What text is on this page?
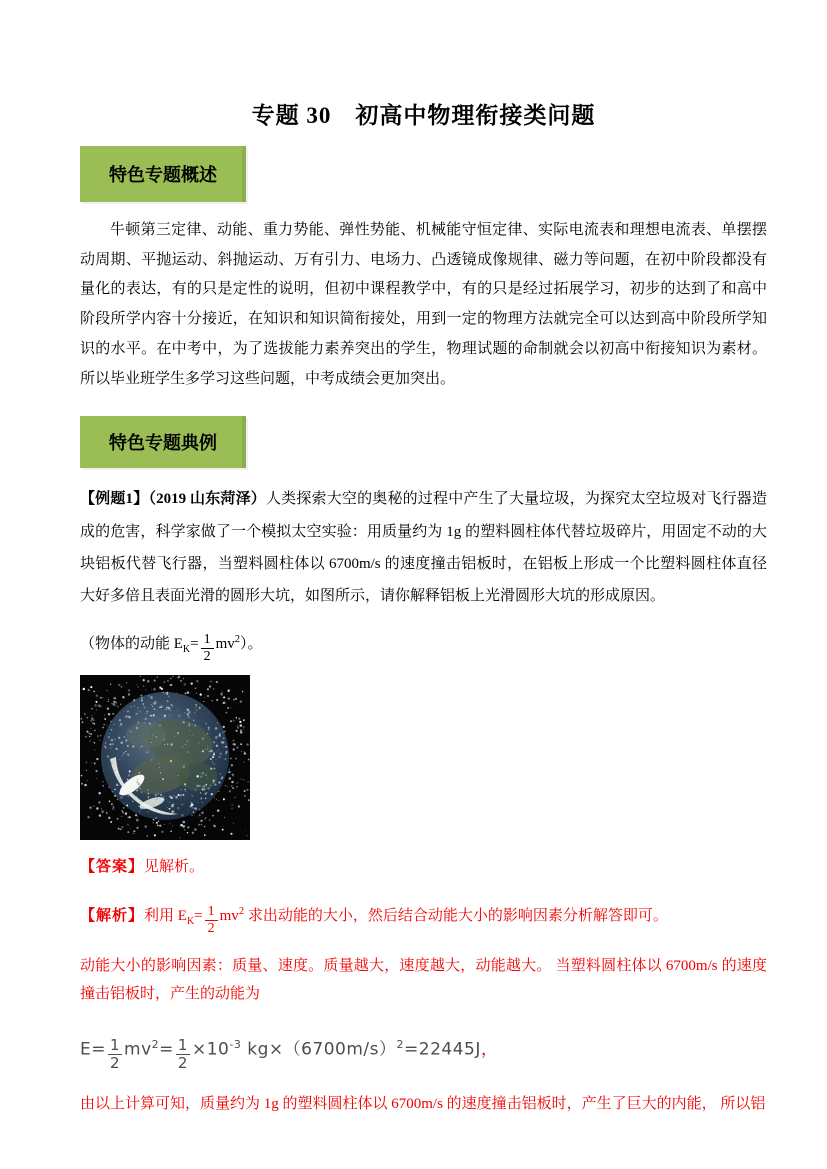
专题 30　初高中物理衔接类问题
特色专题概述

牛顿第三定律、动能、重力势能、弹性势能、机械能守恒定律、实际电流表和理想电流表、单摆摆动周期、平抛运动、斜抛运动、万有引力、电场力、凸透镜成像规律、磁力等问题，在初中阶段都没有量化的表达，有的只是定性的说明，但初中课程教学中，有的只是经过拓展学习，初步的达到了和高中阶段所学内容十分接近，在知识和知识简衔接处，用到一定的物理方法就完全可以达到高中阶段所学知识的水平。在中考中，为了选拔能力素养突出的学生，物理试题的命制就会以初高中衔接知识为素材。所以毕业班学生多学习这些问题，中考成绩会更加突出。

特色专题典例

【例题1】（2019 山东菏泽）人类探索大空的奥秘的过程中产生了大量垃圾，为探究太空垃圾对飞行器造成的危害，科学家做了一个模拟太空实验：用质量约为 1g 的塑料圆柱体代替垃圾碎片，用固定不动的大块铝板代替飞行器，当塑料圆柱体以 6700m/s 的速度撞击铝板时，在铝板上形成一个比塑料圆柱体直径大好多倍且表面光滑的圆形大坑，如图所示，请你解释铝板上光滑圆形大坑的形成原因。

（物体的动能 $E_K= \frac{1}{2} mv^2$）。

【答案】见解析。

【解析】利用 $E_K= \frac{1}{2} mv^2$ 求出动能的大小，然后结合动能大小的影响因素分析解答即可。

动能大小的影响因素：质量、速度。质量越大，速度越大，动能越大。 当塑料圆柱体以 6700m/s 的速度撞击铝板时，产生的动能为

$E= \frac{1}{2} mv^2= \frac{1}{2} \times 10^{-3}$ $kg\times(6700m/s)^2=22445J$，

由以上计算可知，质量约为 1g 的塑料圆柱体以 6700m/s 的速度撞击铝板时，产生了巨大的内能， 所以铝
